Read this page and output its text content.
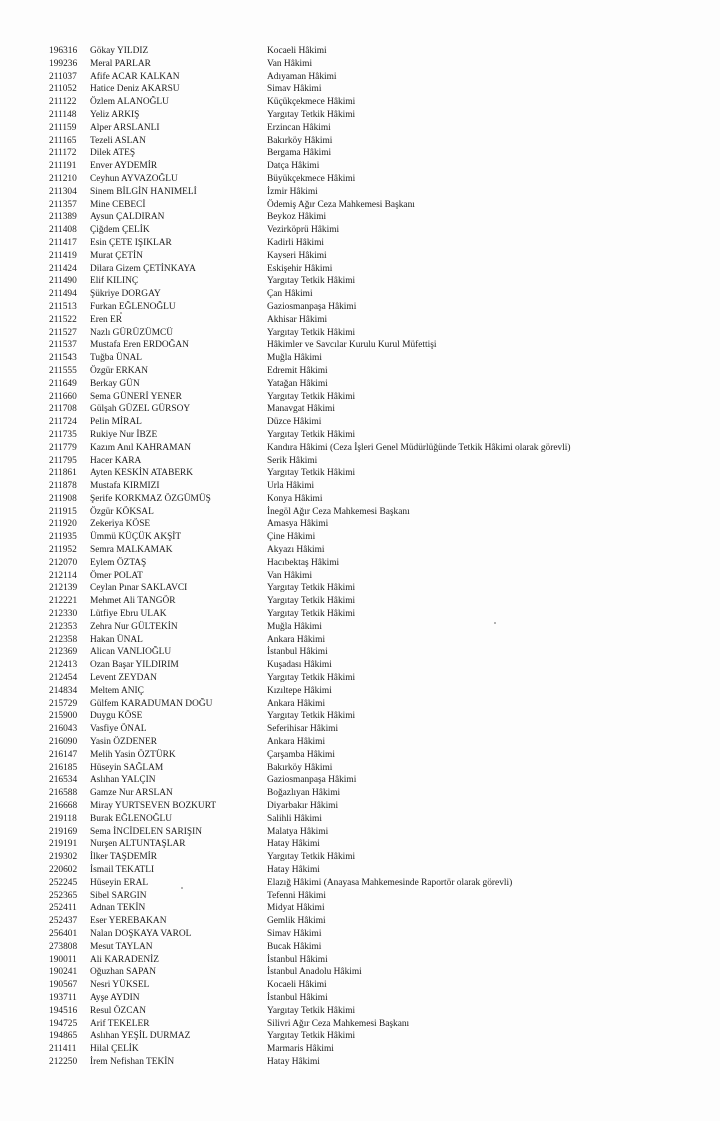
196316	Gökay YILDIZ	Kocaeli Hâkimi
199236	Meral PARLAR	Van Hâkimi
211037	Afife ACAR KALKAN	Adıyaman Hâkimi
211052	Hatice Deniz AKARSU	Simav Hâkimi
211122	Özlem ALANOĞLU	Küçükçekmece Hâkimi
211148	Yeliz ARKIŞ	Yargıtay Tetkik Hâkimi
211159	Alper ARSLANLI	Erzincan Hâkimi
211165	Tezeli ASLAN	Bakırköy Hâkimi
211172	Dilek ATEŞ	Bergama Hâkimi
211191	Enver AYDEMİR	Datça Hâkimi
211210	Ceyhun AYVAZOĞLU	Büyükçekmece Hâkimi
211304	Sinem BİLGİN HANIMELİ	İzmir Hâkimi
211357	Mine CEBECİ	Ödemiş Ağır Ceza Mahkemesi Başkanı
211389	Aysun ÇALDIRAN	Beykoz Hâkimi
211408	Çiğdem ÇELİK	Vezirköprü Hâkimi
211417	Esin ÇETE IŞIKLAR	Kadirli Hâkimi
211419	Murat ÇETİN	Kayseri Hâkimi
211424	Dilara Gizem ÇETİNKAYA	Eskişehir Hâkimi
211490	Elif KILINÇ	Yargıtay Tetkik Hâkimi
211494	Şükriye DORGAY	Çan Hâkimi
211513	Furkan EĞLENOĞLU	Gaziosmanpaşa Hâkimi
211522	Eren ER	Akhisar Hâkimi
211527	Nazlı GÜRÜZÜMCÜ	Yargıtay Tetkik Hâkimi
211537	Mustafa Eren ERDOĞAN	Hâkimler ve Savcılar Kurulu Kurul Müfettişi
211543	Tuğba ÜNAL	Muğla Hâkimi
211555	Özgür ERKAN	Edremit Hâkimi
211649	Berkay GÜN	Yatağan Hâkimi
211660	Sema GÜNERİ YENER	Yargıtay Tetkik Hâkimi
211708	Gülşah GÜZEL GÜRSOY	Manavgat Hâkimi
211724	Pelin MİRAL	Düzce Hâkimi
211735	Rukiye Nur İBZE	Yargıtay Tetkik Hâkimi
211779	Kazım Anıl KAHRAMAN	Kandıra Hâkimi (Ceza İşleri Genel Müdürlüğünde Tetkik Hâkimi olarak görevli)
211795	Hacer KARA	Serik Hâkimi
211861	Ayten KESKİN ATABERK	Yargıtay Tetkik Hâkimi
211878	Mustafa KIRMIZI	Urla Hâkimi
211908	Şerife KORKMAZ ÖZGÜMÜŞ	Konya Hâkimi
211915	Özgür KÖKSAL	İnegöl Ağır Ceza Mahkemesi Başkanı
211920	Zekeriya KÖSE	Amasya Hâkimi
211935	Ümmü KÜÇÜK AKŞİT	Çine Hâkimi
211952	Semra MALKAMAK	Akyazı Hâkimi
212070	Eylem ÖZTAŞ	Hacıbektaş Hâkimi
212114	Ömer POLAT	Van Hâkimi
212139	Ceylan Pınar SAKLAVCI	Yargıtay Tetkik Hâkimi
212221	Mehmet Ali TANGÖR	Yargıtay Tetkik Hâkimi
212330	Lütfiye Ebru ULAK	Yargıtay Tetkik Hâkimi
212353	Zehra Nur GÜLTEKİN	Muğla Hâkimi
212358	Hakan ÜNAL	Ankara Hâkimi
212369	Alican VANLIOĞLU	İstanbul Hâkimi
212413	Ozan Başar YILDIRIM	Kuşadası Hâkimi
212454	Levent ZEYDAN	Yargıtay Tetkik Hâkimi
214834	Meltem ANIÇ	Kızıltepe Hâkimi
215729	Gülfem KARADUMAN DOĞU	Ankara Hâkimi
215900	Duygu KÖSE	Yargıtay Tetkik Hâkimi
216043	Vasfiye ÖNAL	Seferihisar Hâkimi
216090	Yasin ÖZDENER	Ankara Hâkimi
216147	Melih Yasin ÖZTÜRK	Çarşamba Hâkimi
216185	Hüseyin SAĞLAM	Bakırköy Hâkimi
216534	Aslıhan YALÇIN	Gaziosmanpaşa Hâkimi
216588	Gamze Nur ARSLAN	Boğazlıyan Hâkimi
216668	Miray YURTSEVEN BOZKURT	Diyarbakır Hâkimi
219118	Burak EĞLENOĞLU	Salihli Hâkimi
219169	Sema İNCİDELEN SARIŞIN	Malatya Hâkimi
219191	Nurşen ALTUNTAŞLAR	Hatay Hâkimi
219302	İlker TAŞDEMİR	Yargıtay Tetkik Hâkimi
220602	İsmail TEKATLI	Hatay Hâkimi
252245	Hüseyin ERAL	Elazığ Hâkimi (Anayasa Mahkemesinde Raportör olarak görevli)
252365	Sibel SARGIN	Tefenni Hâkimi
252411	Adnan TEKİN	Midyat Hâkimi
252437	Eser YEREBAKAN	Gemlik Hâkimi
256401	Nalan DOŞKAYA VAROL	Simav Hâkimi
273808	Mesut TAYLAN	Bucak Hâkimi
190011	Ali KARADENİZ	İstanbul Hâkimi
190241	Oğuzhan SAPAN	İstanbul Anadolu Hâkimi
190567	Nesri YÜKSEL	Kocaeli Hâkimi
193711	Ayşe AYDIN	İstanbul Hâkimi
194516	Resul ÖZCAN	Yargıtay Tetkik Hâkimi
194725	Arif TEKELER	Silivri Ağır Ceza Mahkemesi Başkanı
194865	Aslıhan YEŞİL DURMAZ	Yargıtay Tetkik Hâkimi
211411	Hilal ÇELİK	Marmaris Hâkimi
212250	İrem Nefishan TEKİN	Hatay Hâkimi
